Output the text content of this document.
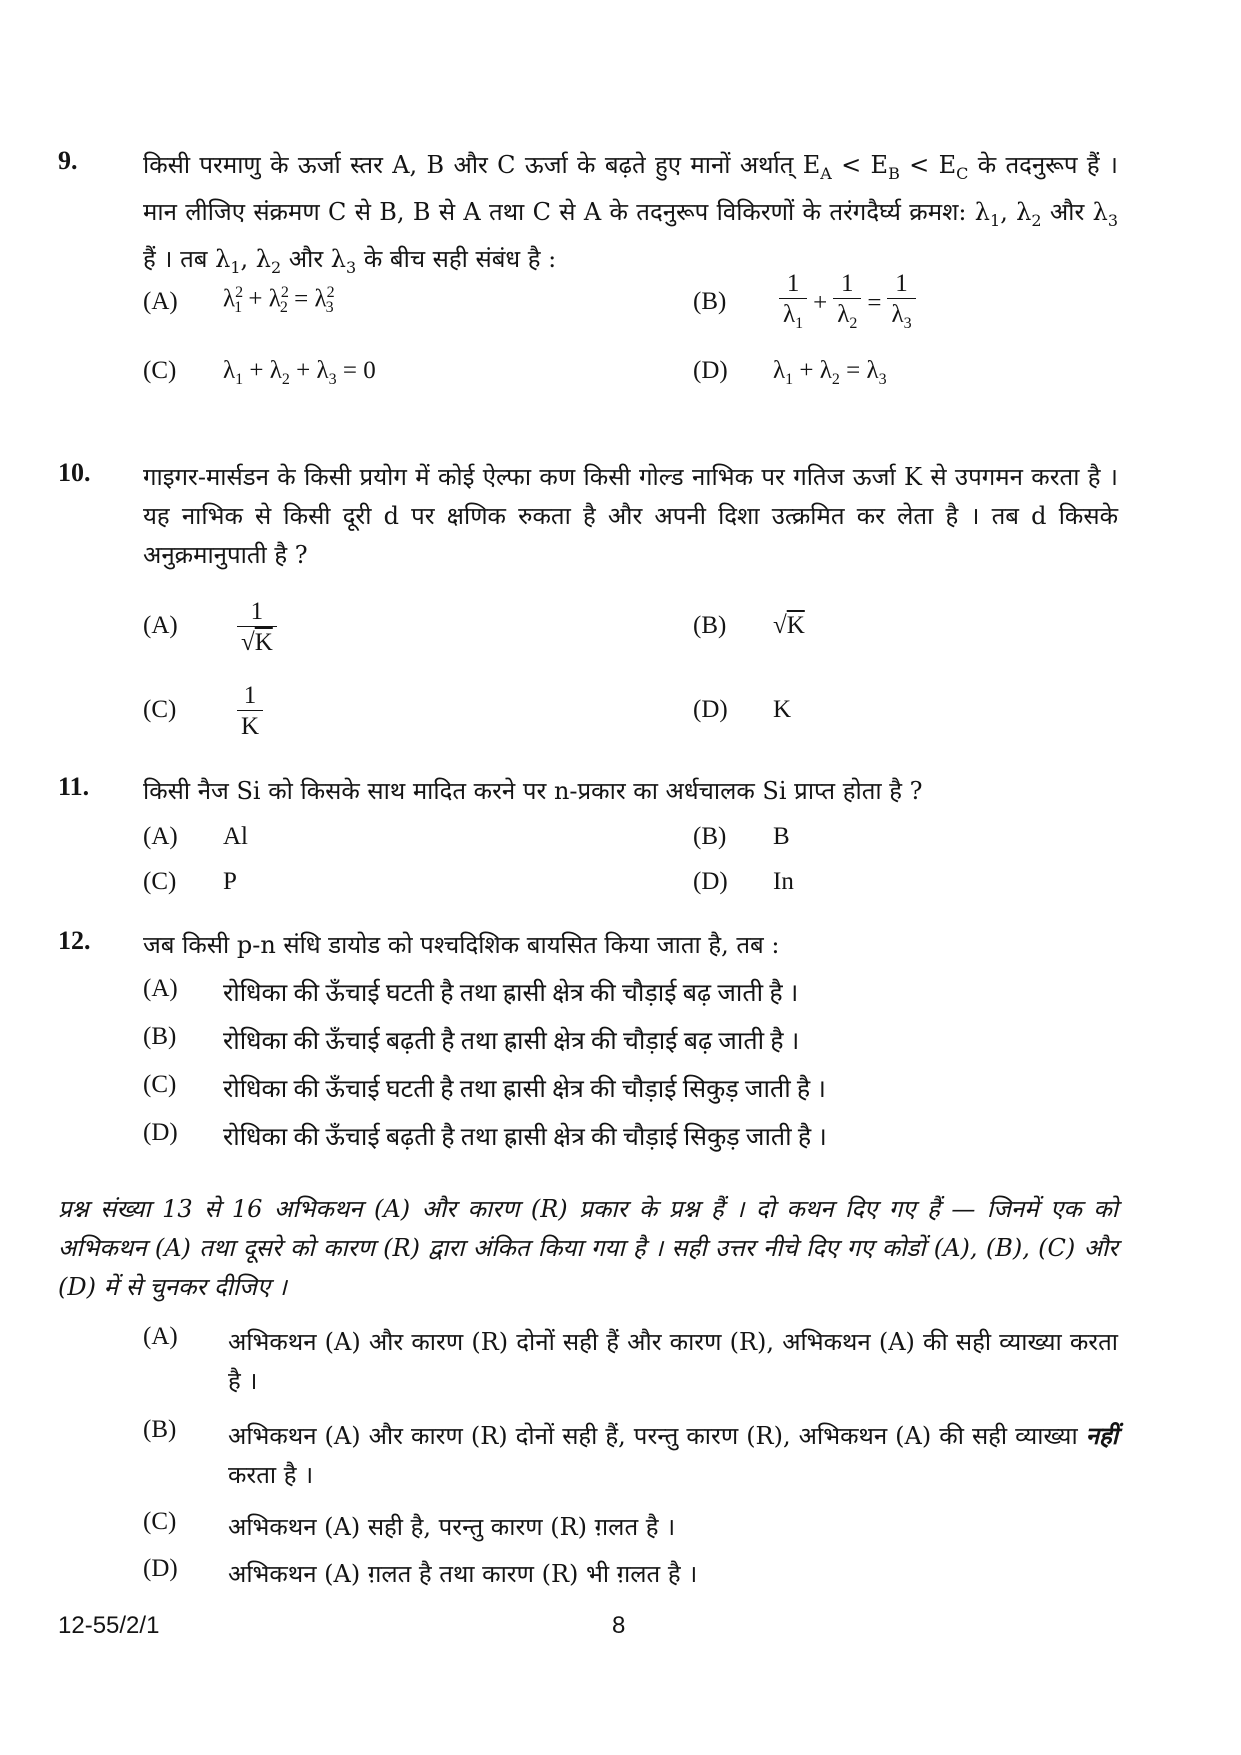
9.	किसी परमाणु के ऊर्जा स्तर A, B और C ऊर्जा के बढ़ते हुए मानों अर्थात् $E_A < E_B < E_C$ के तदनुरूप हैं । मान लीजिए संक्रमण C से B, B से A तथा C से A के तदनुरूप विकिरणों के तरंगदैर्घ्य क्रमश: $\lambda_1$, $\lambda_2$ और $\lambda_3$ हैं । तब $\lambda_1$, $\lambda_2$ और $\lambda_3$ के बीच सही संबंध है :
(A) $\lambda^2_1 + \lambda^2_2 = \lambda^2_3$	$(B) \frac{1}{\lambda_1} + \frac{1}{\lambda_2} = \frac{1}{\lambda_3}$
(C) $\lambda_1 + \lambda_2 + \lambda_3 = 0$	(D) $\lambda_1 + \lambda_2 = \lambda_3$
10. गाइगर-मार्सडन के किसी प्रयोग में कोई ऐल्फा कण किसी गोल्ड नाभिक पर गतिज ऊर्जा K से उपगमन करता है । यह नाभिक से किसी दूरी d पर क्षणिक रुकता है और अपनी दिशा उत्क्रमित कर लेता है । तब d किसके अनुक्रमानुपाती है ?
$(A) \frac{1}{√K}$	(B) √K
$(C) \frac{1}{K}$	(D) K
11. किसी नैज Si को किसके साथ मादित करने पर n-प्रकार का अर्धचालक Si प्राप्त होता है ?
(A) Al	(B) B
(C) P	(D) In
12. जब किसी p-n संधि डायोड को पश्चदिशिक बायसित किया जाता है, तब :
(A) रोधिका की ऊँचाई घटती है तथा ह्रासी क्षेत्र की चौड़ाई बढ़ जाती है ।
(B) रोधिका की ऊँचाई बढ़ती है तथा ह्रासी क्षेत्र की चौड़ाई बढ़ जाती है ।
(C) रोधिका की ऊँचाई घटती है तथा ह्रासी क्षेत्र की चौड़ाई सिकुड़ जाती है ।
(D) रोधिका की ऊँचाई बढ़ती है तथा ह्रासी क्षेत्र की चौड़ाई सिकुड़ जाती है ।
प्रश्न संख्या 13 से 16 अभिकथन (A) और कारण (R) प्रकार के प्रश्न हैं । दो कथन दिए गए हैं — जिनमें एक को अभिकथन (A) तथा दूसरे को कारण (R) द्वारा अंकित किया गया है । सही उत्तर नीचे दिए गए कोडों (A), (B), (C) और (D) में से चुनकर दीजिए ।
(A) अभिकथन (A) और कारण (R) दोनों सही हैं और कारण (R), अभिकथन (A) की सही व्याख्या करता है ।
(B) अभिकथन (A) और कारण (R) दोनों सही हैं, परन्तु कारण (R), अभिकथन (A) की सही व्याख्या नहीं करता है ।
(C) अभिकथन (A) सही है, परन्तु कारण (R) ग़लत है ।
(D) अभिकथन (A) ग़लत है तथा कारण (R) भी ग़लत है ।
12-55/2/1	8
